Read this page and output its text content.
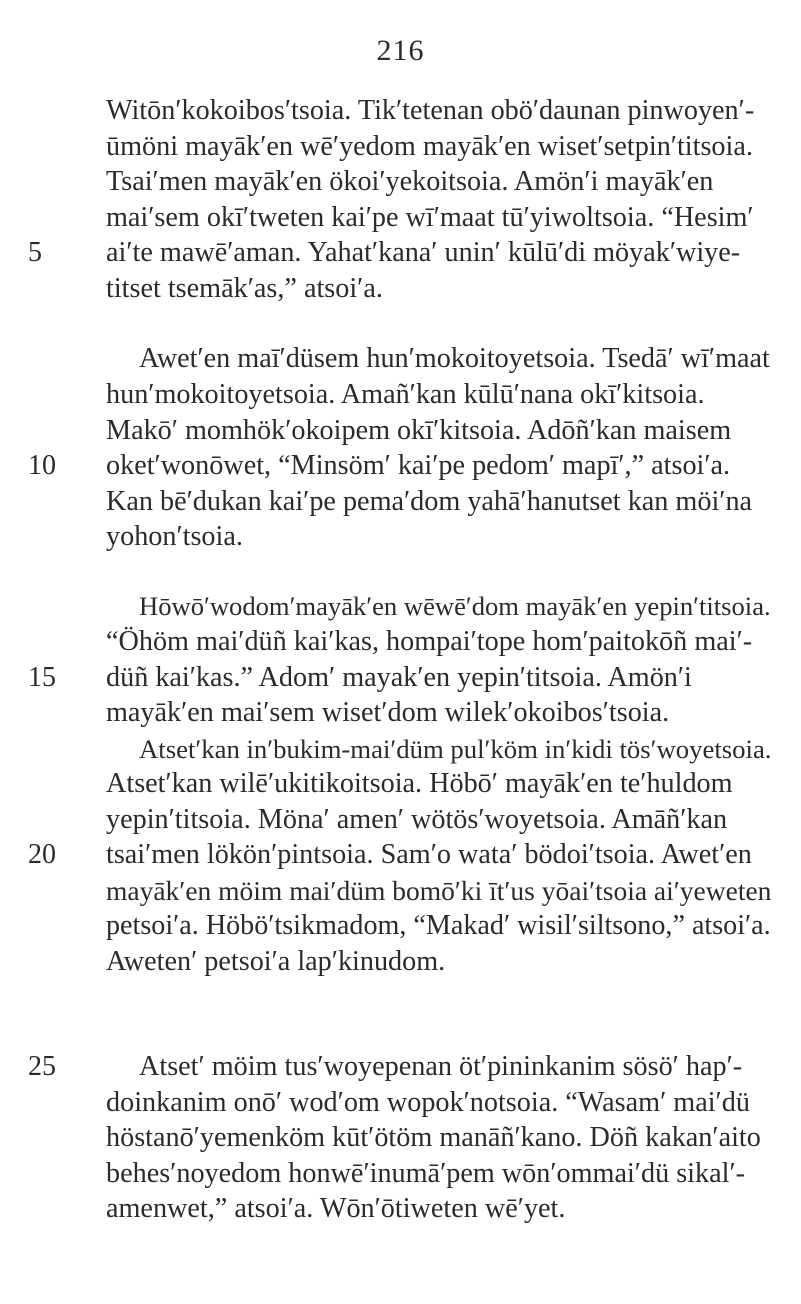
216
Witōn′kokoibos′tsoia. Tik′tetenan obö′daunan pinwoyen′-
ūmöni mayāk′en wē′yedom mayāk′en wiset′setpin′titsoia.
Tsai′men mayāk′en ökoi′yekoitsoia. Amön′i mayāk′en
mai′sem okī′tweten kai′pe wī′maat tū′yiwoltsoia. “Hesim′
5 ai′te mawē′aman. Yahat′kana′ unin′ kūlū′di möyak′wiye-
titset tsemāk′as,” atsoi′a.
Awet′en maī′düsem hun′mokoitoyetsoia. Tsedā′ wī′maat
hun′mokoitoyetsoia. Amañ′kan kūlū′nana okī′kitsoia.
Makō′ momhök′okoipem okī′kitsoia. Adōñ′kan maisem
10 oket′wonōwet, “Minsöm′ kai′pe pedom′ mapī′,” atsoi′a.
Kan bē′dukan kai′pe pema′dom yahā′hanutset kan möi′na
yohon′tsoia.
Hōwō′wodom′mayāk′en wēwē′dom mayāk′en yepin′titsoia.
“Öhöm mai′düñ kai′kas, hompai′tope hom′paitokōñ mai′-
15 düñ kai′kas.” Adom′ mayak′en yepin′titsoia. Amön′i
mayāk′en mai′sem wiset′dom wilek′okoibos′tsoia.
Atset′kan in′bukim-mai′düm pul′köm in′kidi tös′woyetsoia.
Atset′kan wilē′ukitikoitsoia. Höbō′ mayāk′en te′huldom
yepin′titsoia. Möna′ amen′ wötös′woyetsoia. Amāñ′kan
20 tsai′men lökön′pintsoia. Sam′o wata′ bödoi′tsoia. Awet′en
mayāk′en möim mai′düm bomō′ki īt′us yōai′tsoia ai′yeweten
petsoi′a. Höbö′tsikmadom, “Makad′ wisil′siltsono,” atsoi′a.
Aweten′ petsoi′a lap′kinudom.
25	Atset′ möim tus′woyepenan öt′pininkanim sösö′ hap′-
doinkanim onō′ wod′om wopok′notsoia. “Wasam′ mai′dü
höstanō′yemenköm kūt′ötöm manāñ′kano. Döñ kakan′aito
behes′noyedom honwē′inumā′pem wōn′ommai′dü sikal′-
amenwet,” atsoi′a. Wōn′ōtiweten wē′yet.
